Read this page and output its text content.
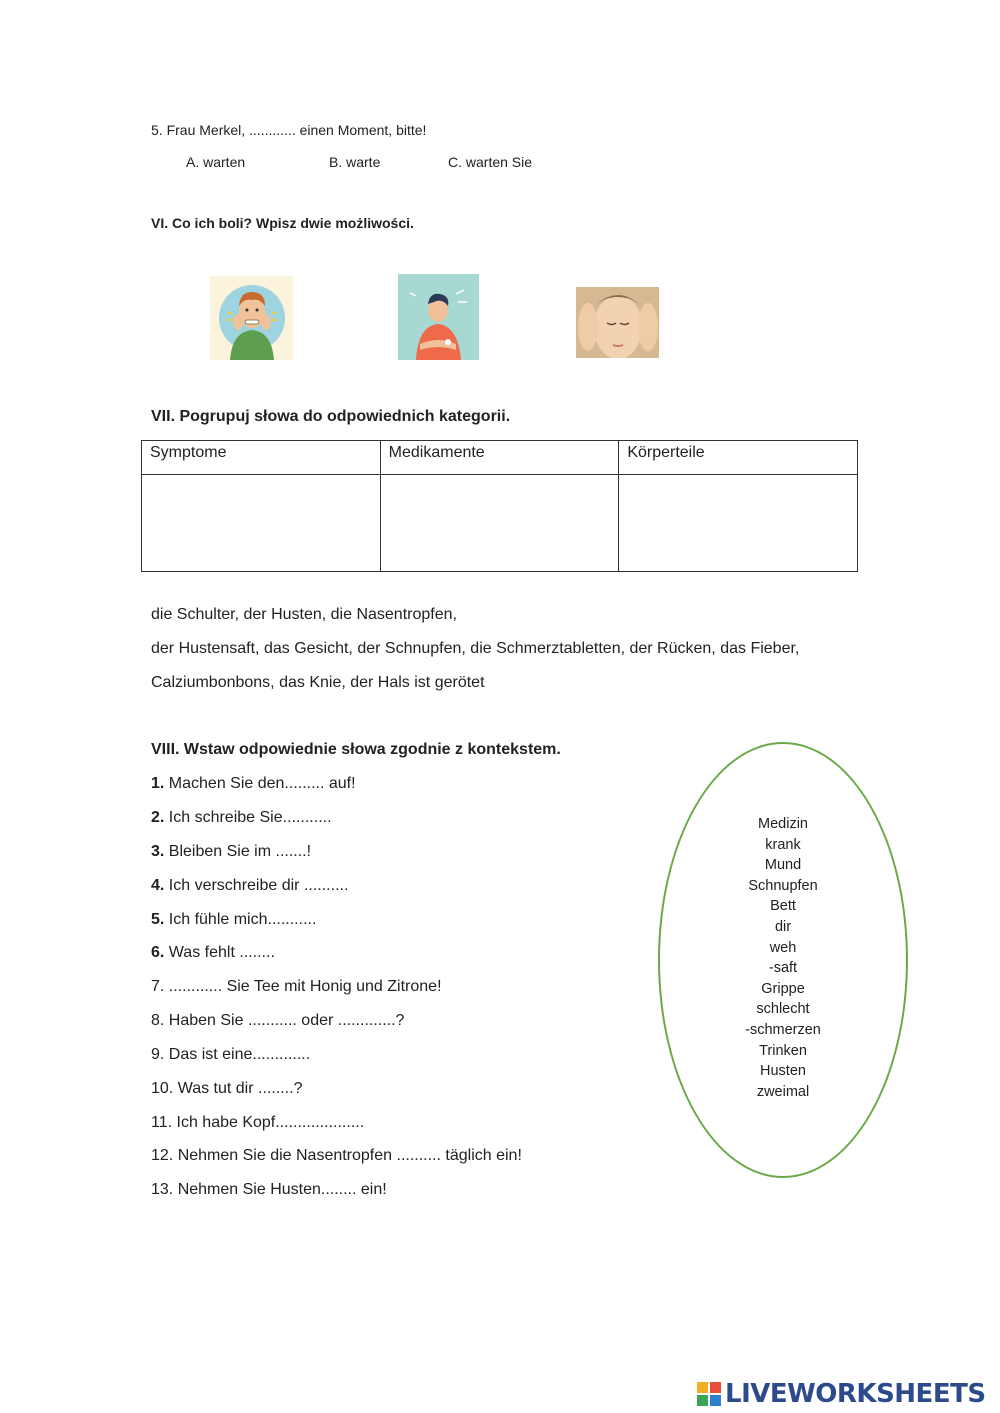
5. Frau Merkel, ............ einen Moment, bitte!
A. warten	B. warte	C. warten Sie
VI. Co ich boli? Wpisz dwie możliwości.
VII. Pogrupuj słowa do odpowiednich kategorii.
Symptome	Medikamente	Körperteile

die Schulter, der Husten, die Nasentropfen,
der Hustensaft, das Gesicht, der Schnupfen, die Schmerztabletten, der Rücken, das Fieber,
Calziumbonbons, das Knie, der Hals ist gerötet
VIII. Wstaw odpowiednie słowa zgodnie z kontekstem.
1. Machen Sie den......... auf!
2. Ich schreibe Sie...........
3. Bleiben Sie im .......!
4. Ich verschreibe dir ..........
5. Ich fühle mich...........
6. Was fehlt ........
7. ............ Sie Tee mit Honig und Zitrone!
8. Haben Sie ........... oder .............?
9. Das ist eine.............
10. Was tut dir ........?
11. Ich habe Kopf....................
12. Nehmen Sie die Nasentropfen .......... täglich ein!
13. Nehmen Sie Husten........ ein!
Medizin
krank
Mund
Schnupfen
Bett
dir
weh
-saft
Grippe
schlecht
-schmerzen
Trinken
Husten
zweimal
LIVEWORKSHEETS
